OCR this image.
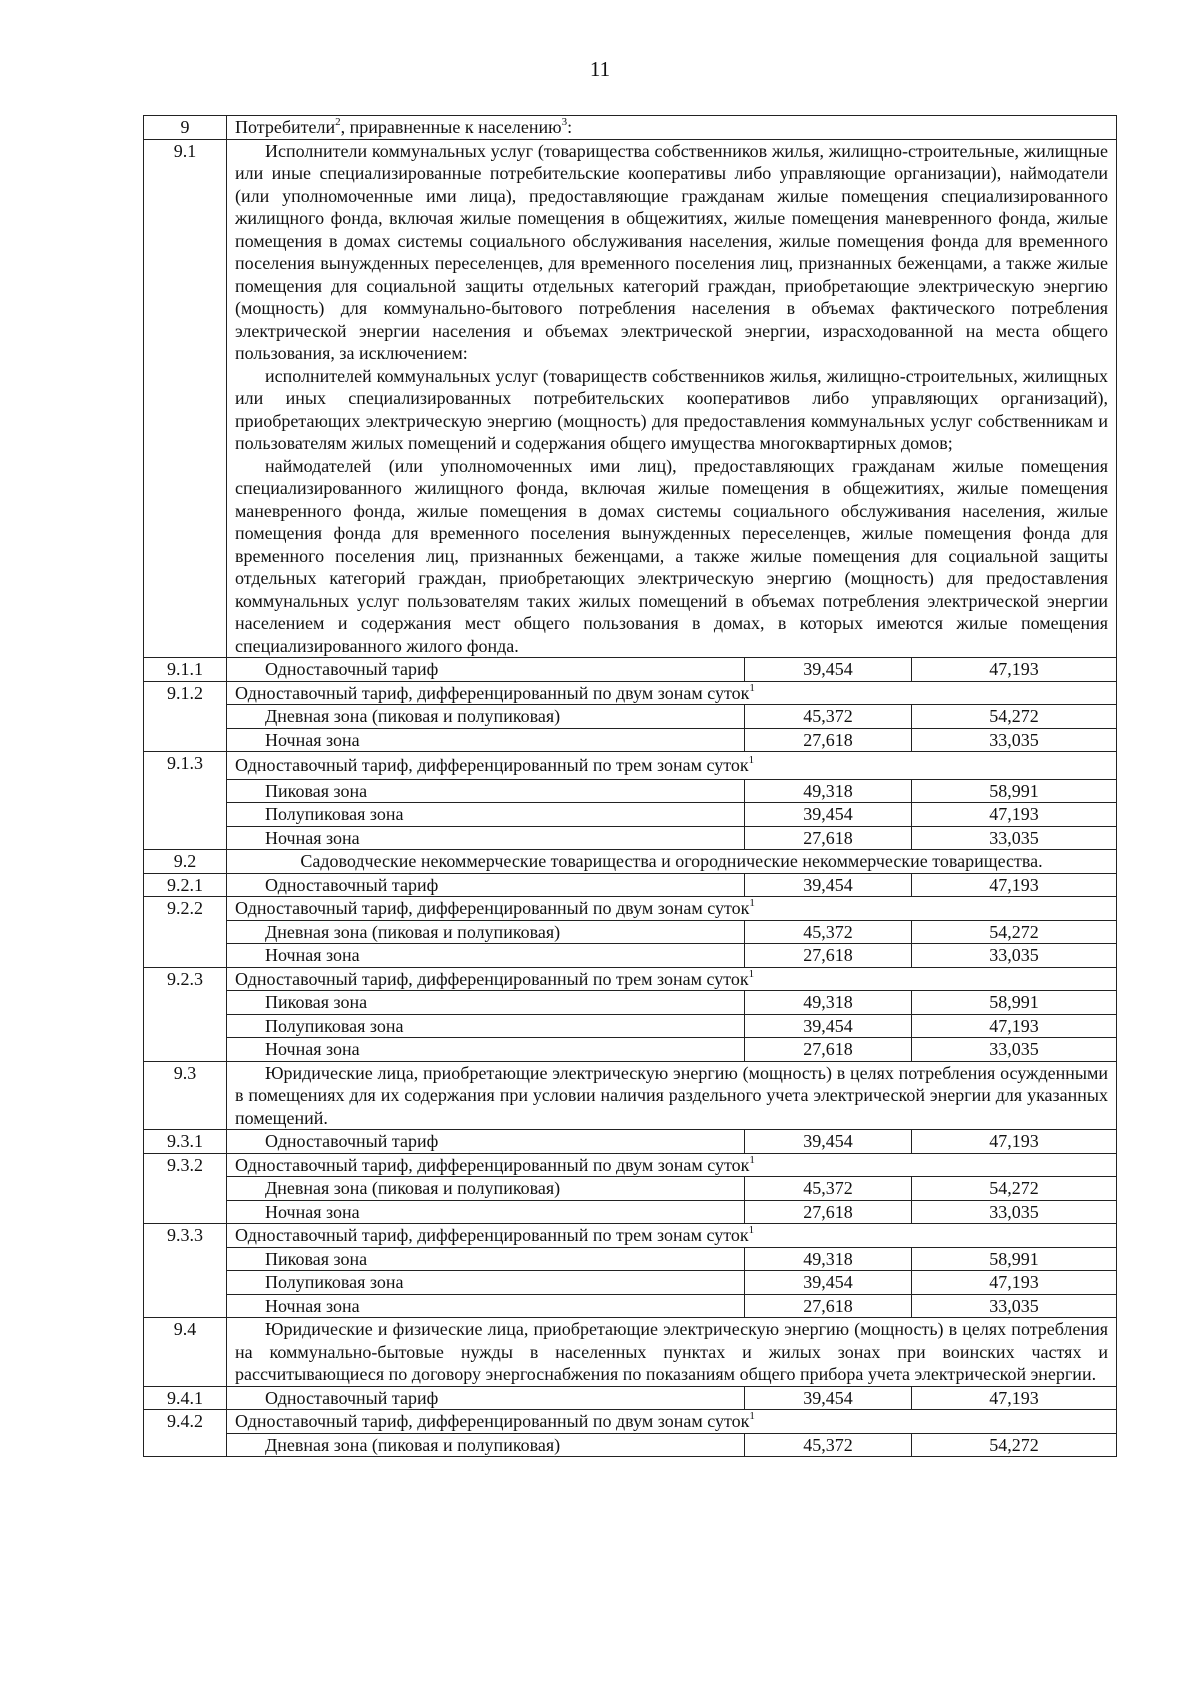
11
9	Потребители$^2$, приравненные к населению$^3$:		
9.1	Исполнители коммунальных услуг (товарищества собственников жилья, жилищно-строительные, жилищные или иные специализированные потребительские кооперативы либо управляющие организации), наймодатели (или уполномоченные ими лица), предоставляющие гражданам жилые помещения специализированного жилищного фонда, включая жилые помещения в общежитиях, жилые помещения маневренного фонда, жилые помещения в домах системы социального обслуживания населения, жилые помещения фонда для временного поселения вынужденных переселенцев, для временного поселения лиц, признанных беженцами, а также жилые помещения для социальной защиты отдельных категорий граждан, приобретающие электрическую энергию (мощность) для коммунально-бытового потребления населения в объемах фактического потребления электрической энергии населения и объемах электрической энергии, израсходованной на места общего пользования, за исключением:
исполнителей коммунальных услуг (товариществ собственников жилья, жилищно-строительных, жилищных или иных специализированных потребительских кооперативов либо управляющих организаций), приобретающих электрическую энергию (мощность) для предоставления коммунальных услуг собственникам и пользователям жилых помещений и содержания общего имущества многоквартирных домов;
наймодателей (или уполномоченных ими лиц), предоставляющих гражданам жилые помещения специализированного жилищного фонда, включая жилые помещения в общежитиях, жилые помещения маневренного фонда, жилые помещения в домах системы социального обслуживания населения, жилые помещения фонда для временного поселения вынужденных переселенцев, жилые помещения фонда для временного поселения лиц, признанных беженцами, а также жилые помещения для социальной защиты отдельных категорий граждан, приобретающих электрическую энергию (мощность) для предоставления коммунальных услуг пользователям таких жилых помещений в объемах потребления электрической энергии населением и содержания мест общего пользования в домах, в которых имеются жилые помещения специализированного жилого фонда.		

9.1.1	Одноставочный тариф	39,454	47,193
9.1.2	Одноставочный тариф, дифференцированный по двум зонам суток$^1$

	Дневная зона (пиковая и полупиковая)	45,372	54,272

	Ночная зона	27,618	33,035
9.1.3	Одноставочный тариф, дифференцированный по трем зонам суток$^1$

	Пиковая зона	49,318	58,991

	Полупиковая зона	39,454	47,193

	Ночная зона	27,618	33,035
9.2	Садоводческие некоммерческие товарищества и огороднические некоммерческие товарищества.		
9.2.1	Одноставочный тариф	39,454	47,193
9.2.2	Одноставочный тариф, дифференцированный по двум зонам суток$^1$

	Дневная зона (пиковая и полупиковая)	45,372	54,272

	Ночная зона	27,618	33,035
9.2.3	Одноставочный тариф, дифференцированный по трем зонам суток$^1$

	Пиковая зона	49,318	58,991

	Полупиковая зона	39,454	47,193

	Ночная зона	27,618	33,035
9.3	Юридические лица, приобретающие электрическую энергию (мощность) в целях потребления осужденными в помещениях для их содержания при условии наличия раздельного учета электрической энергии для указанных помещений.		
9.3.1	Одноставочный тариф	39,454	47,193
9.3.2	Одноставочный тариф, дифференцированный по двум зонам суток$^1$

	Дневная зона (пиковая и полупиковая)	45,372	54,272

	Ночная зона	27,618	33,035
9.3.3	Одноставочный тариф, дифференцированный по трем зонам суток$^1$

	Пиковая зона	49,318	58,991

	Полупиковая зона	39,454	47,193

	Ночная зона	27,618	33,035
9.4	Юридические и физические лица, приобретающие электрическую энергию (мощность) в целях потребления на коммунально-бытовые нужды в населенных пунктах и жилых зонах при воинских частях и рассчитывающиеся по договору энергоснабжения по показаниям общего прибора учета электрической энергии.		
9.4.1	Одноставочный тариф	39,454	47,193
9.4.2	Одноставочный тариф, дифференцированный по двум зонам суток$^1$

	Дневная зона (пиковая и полупиковая)	45,372	54,272
